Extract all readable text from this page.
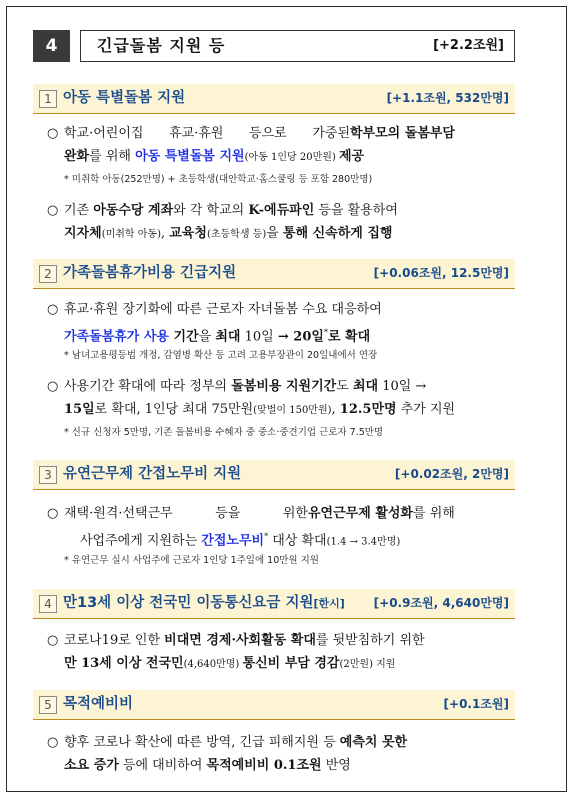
4	긴급돌봄 지원 등	[+2.2조원]
1 아동 특별돌봄 지원	[+1.1조원, 532만명]
○ 학교·어린이집 휴교·휴원 등으로 가중된학부모의 돌봄부담
완화를 위해 아동 특별돌봄 지원(아동 1인당 20만원) 제공
* 미취학 아동(252만명) + 초등학생(대안학교·홈스쿨링 등 포함 280만명)
○ 기존 아동수당 계좌와 각 학교의 K-에듀파인 등을 활용하여
지자체(미취학 아동), 교육청(초등학생 등)을 통해 신속하게 집행
2 가족돌봄휴가비용 긴급지원	[+0.06조원, 12.5만명]
○ 휴교·휴원 장기화에 따른 근로자 자녀돌봄 수요 대응하여
가족돌봄휴가 사용 기간을 최대 10일 → 20일*로 확대
* 남녀고용평등법 개정, 감염병 확산 등 고려 고용부장관이 20일내에서 연장
○ 사용기간 확대에 따라 정부의 돌봄비용 지원기간도 최대 10일 →
15일로 확대, 1인당 최대 75만원(맞벌이 150만원), 12.5만명 추가 지원
* 신규 신청자 5만명, 기존 돌봄비용 수혜자 중 중소·중견기업 근로자 7.5만명
3 유연근무제 간접노무비 지원	[+0.02조원, 2만명]
○ 재택·원격·선택근무 등을 위한유연근무제 활성화를 위해
사업주에게 지원하는 간접노무비* 대상 확대(1.4 → 3.4만명)
* 유연근무 실시 사업주에 근로자 1인당 1주일에 10만원 지원
4 만13세 이상 전국민 이동통신요금 지원[한시] [+0.9조원, 4,640만명]
○ 코로나19로 인한 비대면 경제·사회활동 확대를 뒷받침하기 위한
만 13세 이상 전국민(4,640만명) 통신비 부담 경감(2만원) 지원
5 목적예비비	[+0.1조원]
○ 향후 코로나 확산에 따른 방역, 긴급 피해지원 등 예측치 못한
소요 증가 등에 대비하여 목적예비비 0.1조원 반영
